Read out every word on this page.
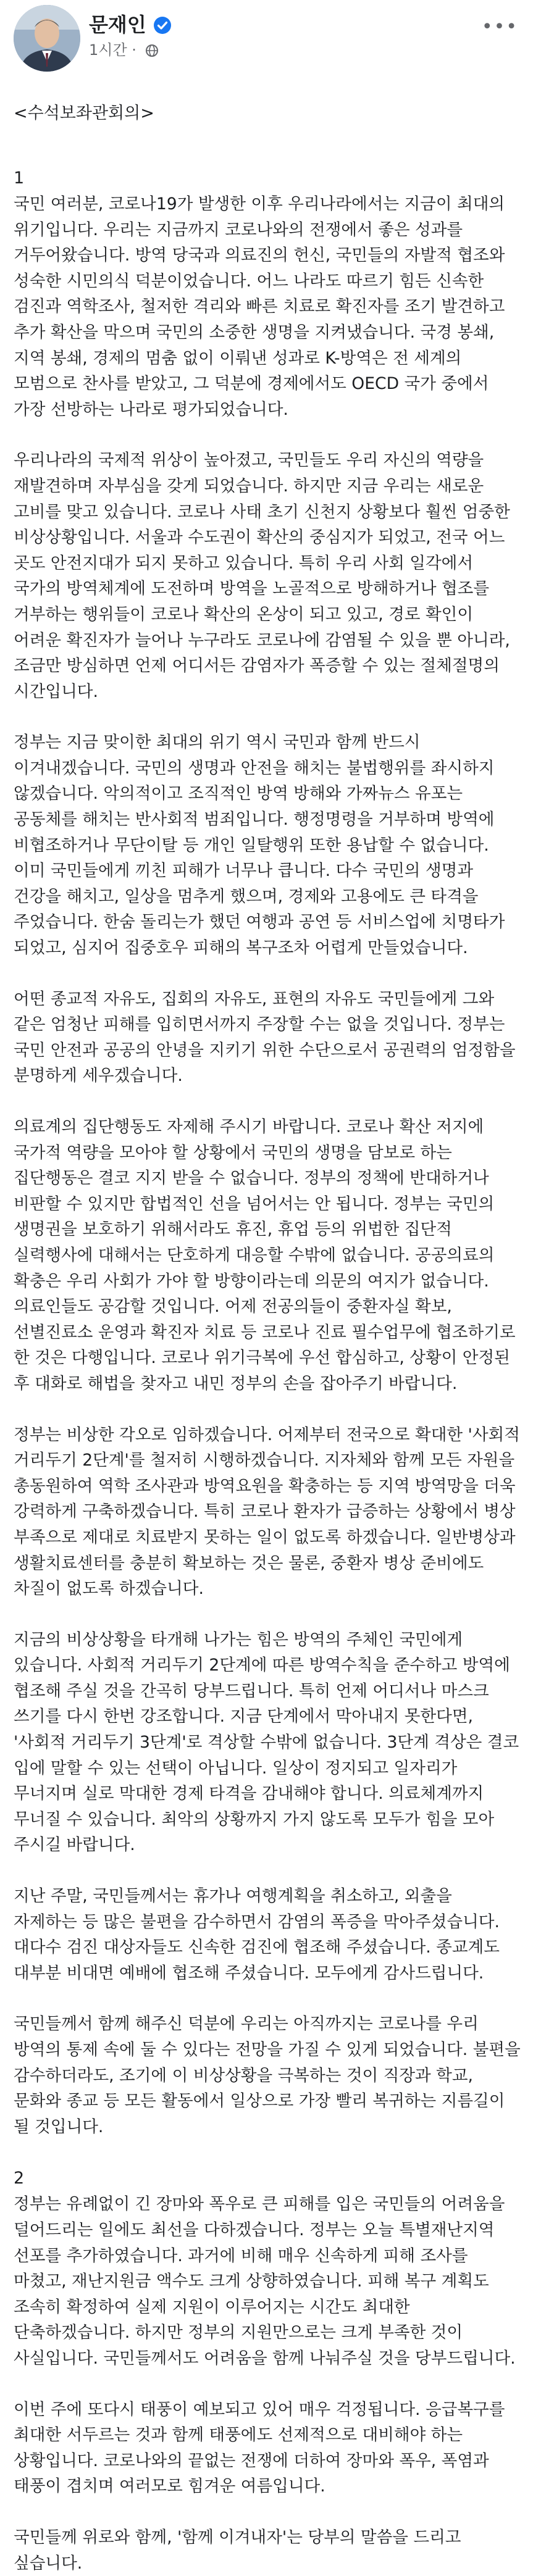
문재인
1시간 ·
•••

<수석보좌관회의>

1

국민 여러분, 코로나19가 발생한 이후 우리나라에서는 지금이 최대의 위기입니다. 우리는 지금까지 코로나와의 전쟁에서 좋은 성과를 거두어왔습니다. 방역 당국과 의료진의 헌신, 국민들의 자발적 협조와 성숙한 시민의식 덕분이었습니다. 어느 나라도 따르기 힘든 신속한 검진과 역학조사, 철저한 격리와 빠른 치료로 확진자를 조기 발견하고 추가 확산을 막으며 국민의 소중한 생명을 지켜냈습니다. 국경 봉쇄, 지역 봉쇄, 경제의 멈춤 없이 이뤄낸 성과로 K-방역은 전 세계의 모범으로 찬사를 받았고, 그 덕분에 경제에서도 OECD 국가 중에서 가장 선방하는 나라로 평가되었습니다.

우리나라의 국제적 위상이 높아졌고, 국민들도 우리 자신의 역량을 재발견하며 자부심을 갖게 되었습니다. 하지만 지금 우리는 새로운 고비를 맞고 있습니다. 코로나 사태 초기 신천지 상황보다 훨씬 엄중한 비상상황입니다. 서울과 수도권이 확산의 중심지가 되었고, 전국 어느 곳도 안전지대가 되지 못하고 있습니다. 특히 우리 사회 일각에서 국가의 방역체계에 도전하며 방역을 노골적으로 방해하거나 협조를 거부하는 행위들이 코로나 확산의 온상이 되고 있고, 경로 확인이 어려운 확진자가 늘어나 누구라도 코로나에 감염될 수 있을 뿐 아니라, 조금만 방심하면 언제 어디서든 감염자가 폭증할 수 있는 절체절명의 시간입니다.

정부는 지금 맞이한 최대의 위기 역시 국민과 함께 반드시 이겨내겠습니다. 국민의 생명과 안전을 해치는 불법행위를 좌시하지 않겠습니다. 악의적이고 조직적인 방역 방해와 가짜뉴스 유포는 공동체를 해치는 반사회적 범죄입니다. 행정명령을 거부하며 방역에 비협조하거나 무단이탈 등 개인 일탈행위 또한 용납할 수 없습니다. 이미 국민들에게 끼친 피해가 너무나 큽니다. 다수 국민의 생명과 건강을 해치고, 일상을 멈추게 했으며, 경제와 고용에도 큰 타격을 주었습니다. 한숨 돌리는가 했던 여행과 공연 등 서비스업에 치명타가 되었고, 심지어 집중호우 피해의 복구조차 어렵게 만들었습니다.

어떤 종교적 자유도, 집회의 자유도, 표현의 자유도 국민들에게 그와 같은 엄청난 피해를 입히면서까지 주장할 수는 없을 것입니다. 정부는 국민 안전과 공공의 안녕을 지키기 위한 수단으로서 공권력의 엄정함을 분명하게 세우겠습니다.

의료계의 집단행동도 자제해 주시기 바랍니다. 코로나 확산 저지에 국가적 역량을 모아야 할 상황에서 국민의 생명을 담보로 하는 집단행동은 결코 지지 받을 수 없습니다. 정부의 정책에 반대하거나 비판할 수 있지만 합법적인 선을 넘어서는 안 됩니다. 정부는 국민의 생명권을 보호하기 위해서라도 휴진, 휴업 등의 위법한 집단적 실력행사에 대해서는 단호하게 대응할 수밖에 없습니다. 공공의료의 확충은 우리 사회가 가야 할 방향이라는데 의문의 여지가 없습니다. 의료인들도 공감할 것입니다. 어제 전공의들이 중환자실 확보, 선별진료소 운영과 확진자 치료 등 코로나 진료 필수업무에 협조하기로 한 것은 다행입니다. 코로나 위기극복에 우선 합심하고, 상황이 안정된 후 대화로 해법을 찾자고 내민 정부의 손을 잡아주기 바랍니다.

정부는 비상한 각오로 임하겠습니다. 어제부터 전국으로 확대한 '사회적 거리두기 2단계'를 철저히 시행하겠습니다. 지자체와 함께 모든 자원을 총동원하여 역학 조사관과 방역요원을 확충하는 등 지역 방역망을 더욱 강력하게 구축하겠습니다. 특히 코로나 환자가 급증하는 상황에서 병상 부족으로 제대로 치료받지 못하는 일이 없도록 하겠습니다. 일반병상과 생활치료센터를 충분히 확보하는 것은 물론, 중환자 병상 준비에도 차질이 없도록 하겠습니다.

지금의 비상상황을 타개해 나가는 힘은 방역의 주체인 국민에게 있습니다. 사회적 거리두기 2단계에 따른 방역수칙을 준수하고 방역에 협조해 주실 것을 간곡히 당부드립니다. 특히 언제 어디서나 마스크 쓰기를 다시 한번 강조합니다. 지금 단계에서 막아내지 못한다면, '사회적 거리두기 3단계'로 격상할 수밖에 없습니다. 3단계 격상은 결코 입에 말할 수 있는 선택이 아닙니다. 일상이 정지되고 일자리가 무너지며 실로 막대한 경제 타격을 감내해야 합니다. 의료체계까지 무너질 수 있습니다. 최악의 상황까지 가지 않도록 모두가 힘을 모아 주시길 바랍니다.

지난 주말, 국민들께서는 휴가나 여행계획을 취소하고, 외출을 자제하는 등 많은 불편을 감수하면서 감염의 폭증을 막아주셨습니다. 대다수 검진 대상자들도 신속한 검진에 협조해 주셨습니다. 종교계도 대부분 비대면 예배에 협조해 주셨습니다. 모두에게 감사드립니다.

국민들께서 함께 해주신 덕분에 우리는 아직까지는 코로나를 우리 방역의 통제 속에 둘 수 있다는 전망을 가질 수 있게 되었습니다. 불편을 감수하더라도, 조기에 이 비상상황을 극복하는 것이 직장과 학교, 문화와 종교 등 모든 활동에서 일상으로 가장 빨리 복귀하는 지름길이 될 것입니다.

2

정부는 유례없이 긴 장마와 폭우로 큰 피해를 입은 국민들의 어려움을 덜어드리는 일에도 최선을 다하겠습니다. 정부는 오늘 특별재난지역 선포를 추가하였습니다. 과거에 비해 매우 신속하게 피해 조사를 마쳤고, 재난지원금 액수도 크게 상향하였습니다. 피해 복구 계획도 조속히 확정하여 실제 지원이 이루어지는 시간도 최대한 단축하겠습니다. 하지만 정부의 지원만으로는 크게 부족한 것이 사실입니다. 국민들께서도 어려움을 함께 나눠주실 것을 당부드립니다.

이번 주에 또다시 태풍이 예보되고 있어 매우 걱정됩니다. 응급복구를 최대한 서두르는 것과 함께 태풍에도 선제적으로 대비해야 하는 상황입니다. 코로나와의 끝없는 전쟁에 더하여 장마와 폭우, 폭염과 태풍이 겹치며 여러모로 힘겨운 여름입니다.

국민들께 위로와 함께, '함께 이겨내자'는 당부의 말씀을 드리고 싶습니다.
